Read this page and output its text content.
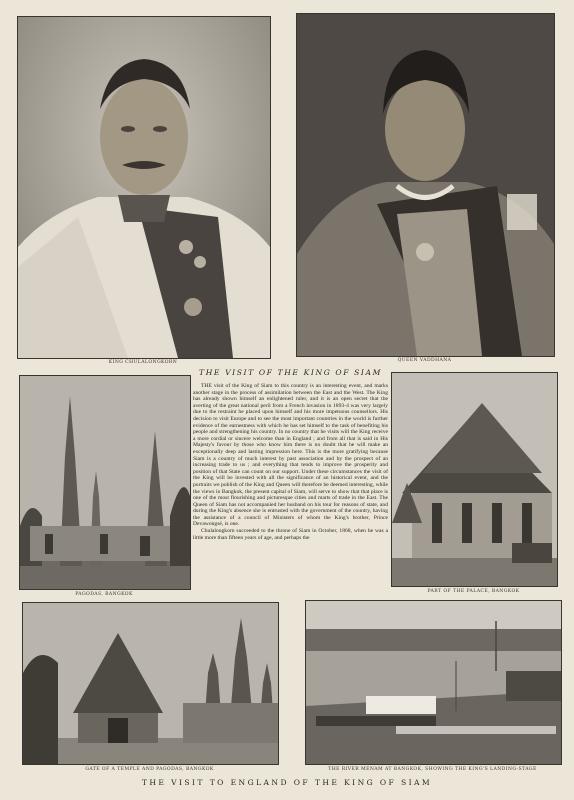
KING CHULALONGKORN	QUEEN VADDHANA
PAGODAS, BANGKOK
THE VISIT OF THE KING OF SIAM

THE visit of the King of Siam to this country is an interesting event, and marks another stage in the process of assimilation between the East and the West. The King has already shown himself an enlightened ruler, and it is an open secret that the averting of the great national peril from a French invasion in 1893-4 was very largely due to the restraint he placed upon himself and his more impetuous counsellors. His decision to visit Europe and to see the most important countries in the world is further evidence of the earnestness with which he has set himself to the task of benefiting his people and strengthening his country. In no country that he visits will the King receive a more cordial or sincere welcome than in England ; and from all that is said in His Majesty's favour by those who know him there is no doubt that he will make an exceptionally deep and lasting impression here. This is the more gratifying because Siam is a country of much interest by past association and by the prospect of an increasing trade to us ; and everything that tends to improve the prosperity and position of that State can count on our support. Under these circumstances the visit of the King will be invested with all the significance of an historical event, and the portraits we publish of the King and Queen will therefore be deemed interesting, while the views in Bangkok, the present capital of Siam, will serve to show that that place is one of the most flourishing and picturesque cities and marts of trade in the East. The Queen of Siam has not accompanied her husband on his tour for reasons of state, and during the King's absence she is entrusted with the government of the country, having the assistance of a council of Ministers of whom the King's brother, Prince Devawongsé, is one.

Chulalongkorn succeeded to the throne of Siam in October, 1868, when he was a little more than fifteen years of age, and perhaps the

PART OF THE PALACE, BANGKOK
GATE OF A TEMPLE AND PAGODAS, BANGKOK	THE RIVER MENAM AT BANGKOK, SHOWING THE KING'S LANDING-STAGE
THE VISIT TO ENGLAND OF THE KING OF SIAM
